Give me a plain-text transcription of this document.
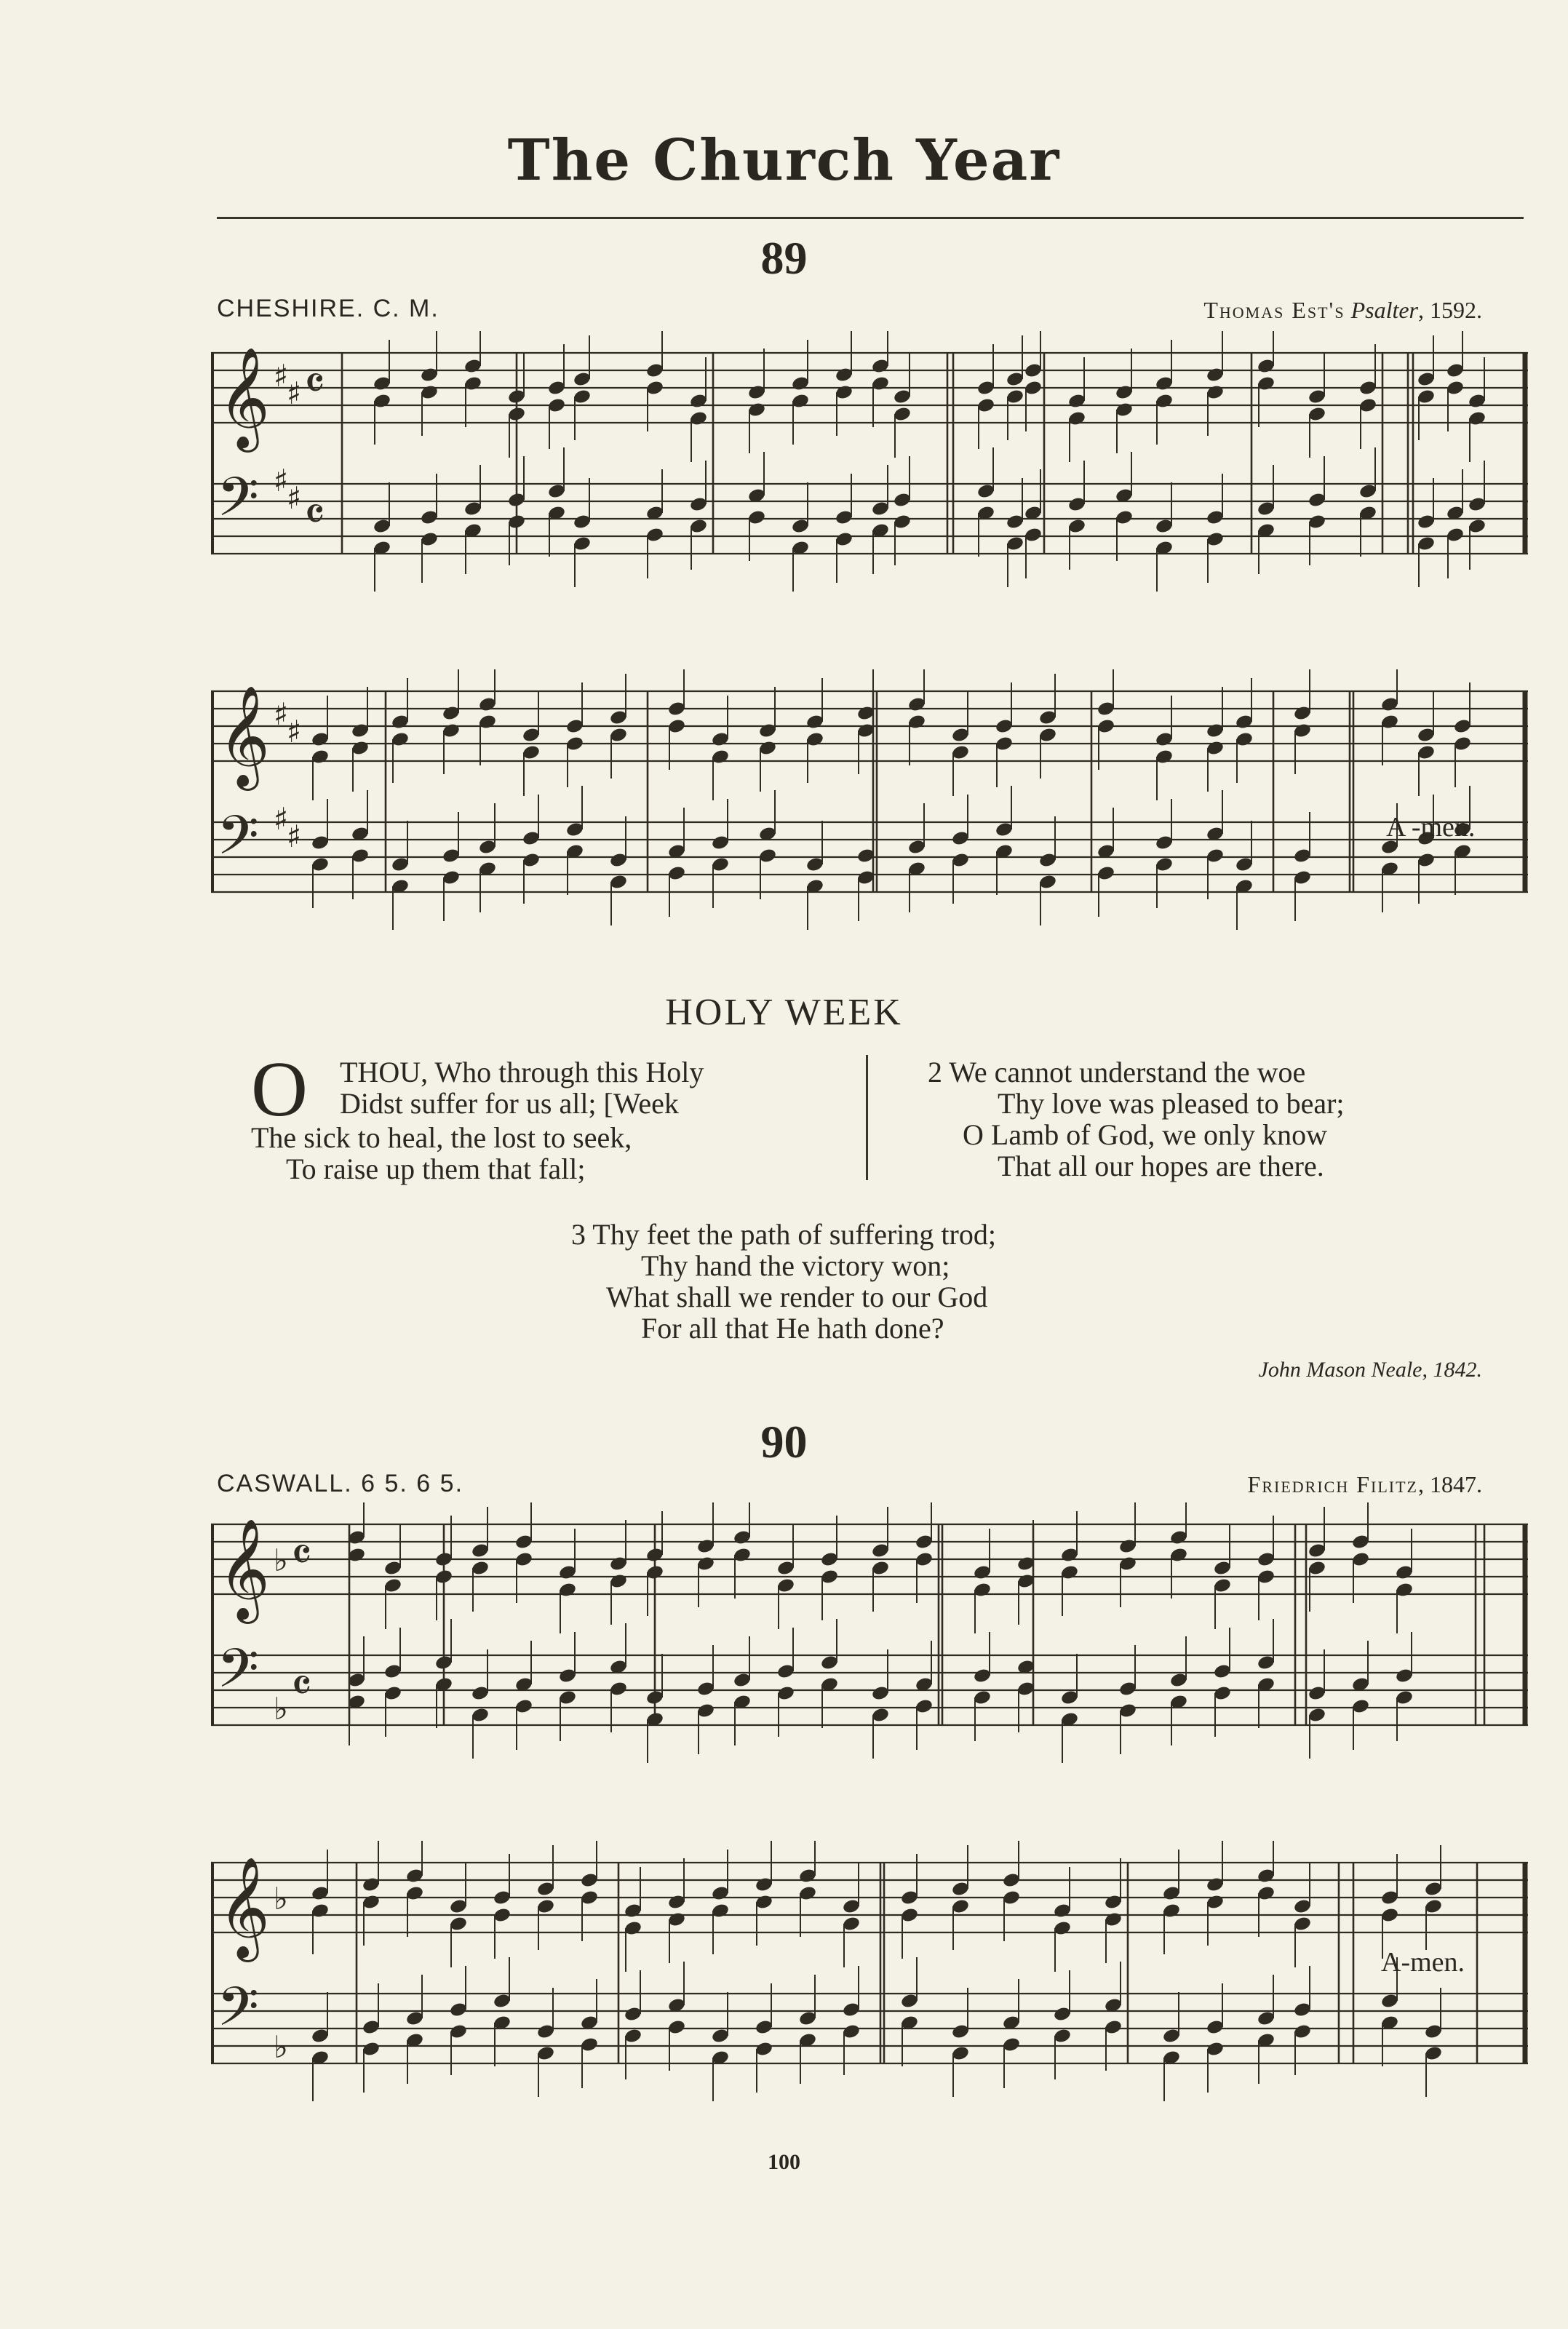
The Church Year
89
CHESHIRE. C. M.	Thomas Est's Psalter, 1592.
𝄞
𝄢
♯
♯
♯
♯
𝄴
𝄴
𝄞
𝄢
♯
♯
♯
♯	A -men.
HOLY WEEK
O	THOU, Who through this Holy
Didst suffer for us all; [Week
The sick to heal, the lost to seek,
To raise up them that fall;
2 We cannot understand the woe
Thy love was pleased to bear;
O Lamb of God, we only know
That all our hopes are there.
3 Thy feet the path of suffering trod;
Thy hand the victory won;
What shall we render to our God
For all that He hath done?
John Mason Neale, 1842.
90
CASWALL. 6 5. 6 5.	Friedrich Filitz, 1847.
𝄞
𝄢
♭
♭
𝄴
𝄴
𝄞
𝄢
♭
♭
A-men.
100
